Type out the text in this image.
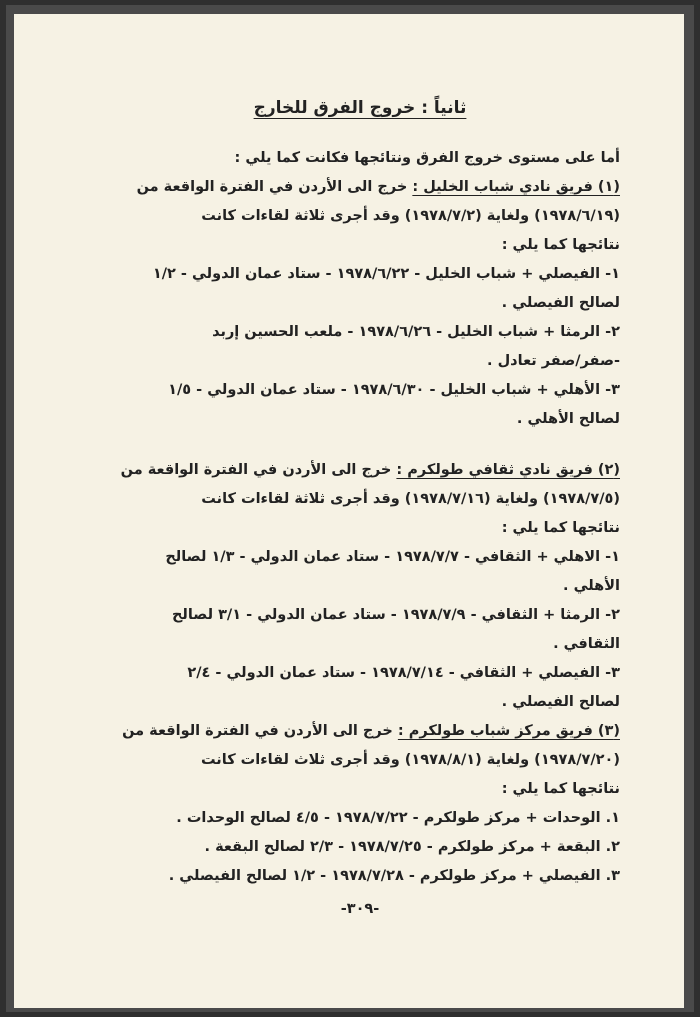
ثانياً : خروج الفرق للخارج
أما على مستوى خروج الفرق ونتائجها فكانت كما يلي :
(١) فريق نادي شباب الخليل : خرج الى الأردن في الفترة الواقعة من
(١٩٧٨/٦/١٩) ولغاية (١٩٧٨/٧/٢) وقد أجرى ثلاثة لقاءات كانت
نتائجها كما يلي :
١- الفيصلي + شباب الخليل - ١٩٧٨/٦/٢٢ - ستاد عمان الدولي - ١/٢
لصالح الفيصلي .
٢- الرمثا + شباب الخليل - ١٩٧٨/٦/٢٦ - ملعب الحسين إربد
-صفر/صفر تعادل .
٣- الأهلي + شباب الخليل - ١٩٧٨/٦/٣٠ - ستاد عمان الدولي - ١/٥
لصالح الأهلي .
(٢) فريق نادي ثقافي طولكرم : خرج الى الأردن في الفترة الواقعة من
(١٩٧٨/٧/٥) ولغاية (١٩٧٨/٧/١٦) وقد أجرى ثلاثة لقاءات كانت
نتائجها كما يلي :
١- الاهلي + الثقافي - ١٩٧٨/٧/٧ - ستاد عمان الدولي - ١/٣ لصالح
الأهلي .
٢- الرمثا + الثقافي - ١٩٧٨/٧/٩ - ستاد عمان الدولي - ٣/١ لصالح
الثقافي .
٣- الفيصلي + الثقافي - ١٩٧٨/٧/١٤ - ستاد عمان الدولي - ٢/٤
لصالح الفيصلي .
(٣) فريق مركز شباب طولكرم : خرج الى الأردن في الفترة الواقعة من
(١٩٧٨/٧/٢٠) ولغاية (١٩٧٨/٨/١) وقد أجرى ثلاث لقاءات كانت
نتائجها كما يلي :
١. الوحدات + مركز طولكرم - ١٩٧٨/٧/٢٢ - ٤/٥ لصالح الوحدات .
٢. البقعة + مركز طولكرم - ١٩٧٨/٧/٢٥ - ٢/٣ لصالح البقعة .
٣. الفيصلي + مركز طولكرم - ١٩٧٨/٧/٢٨ - ١/٢ لصالح الفيصلي .
-٣٠٩-
